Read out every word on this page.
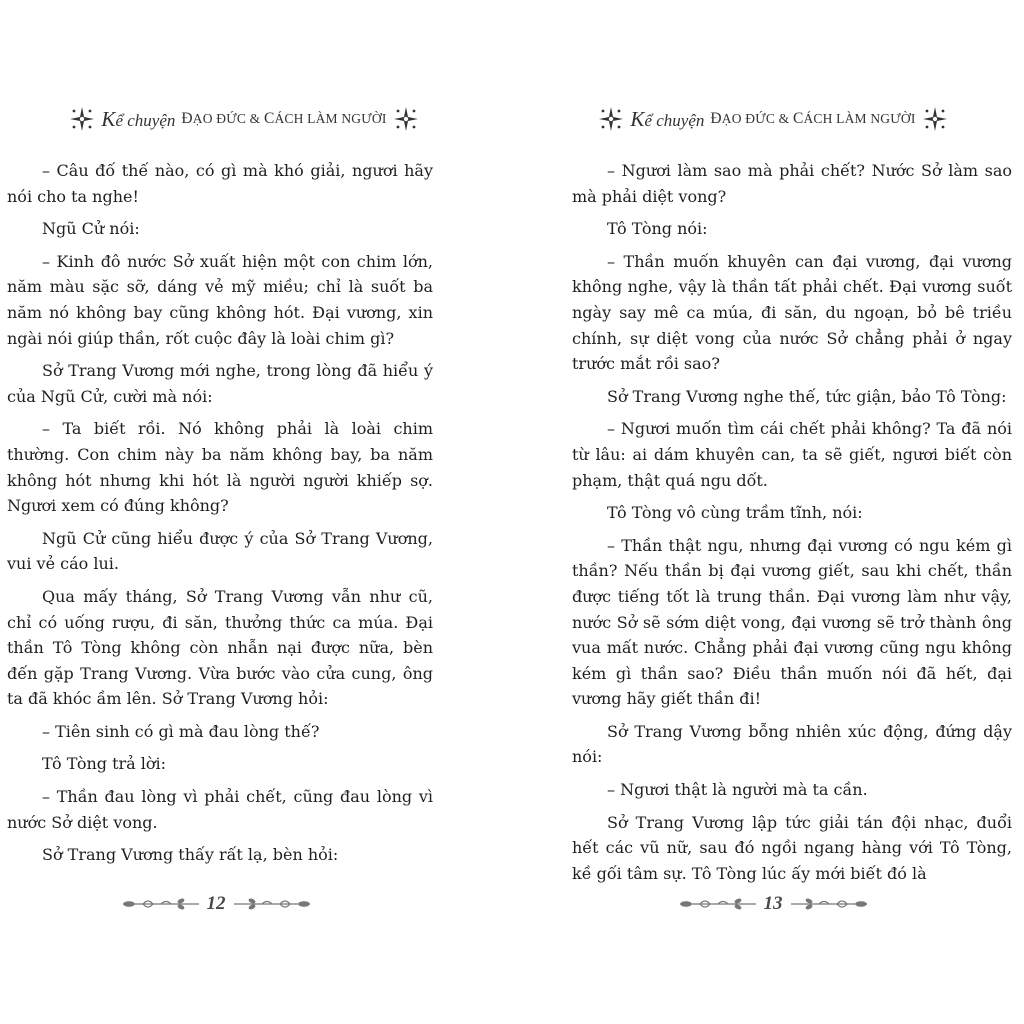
Kể chuyện ĐẠO ĐỨC & CÁCH LÀM NGƯỜI

– Câu đố thế nào, có gì mà khó giải, ngươi hãy nói cho ta nghe!

Ngũ Cử nói:

– Kinh đô nước Sở xuất hiện một con chim lớn, năm màu sặc sỡ, dáng vẻ mỹ miều; chỉ là suốt ba năm nó không bay cũng không hót. Đại vương, xin ngài nói giúp thần, rốt cuộc đây là loài chim gì?

Sở Trang Vương mới nghe, trong lòng đã hiểu ý của Ngũ Cử, cười mà nói:

– Ta biết rồi. Nó không phải là loài chim thường. Con chim này ba năm không bay, ba năm không hót nhưng khi hót là người người khiếp sợ. Ngươi xem có đúng không?

Ngũ Cử cũng hiểu được ý của Sở Trang Vương, vui vẻ cáo lui.

Qua mấy tháng, Sở Trang Vương vẫn như cũ, chỉ có uống rượu, đi săn, thưởng thức ca múa. Đại thần Tô Tòng không còn nhẫn nại được nữa, bèn đến gặp Trang Vương. Vừa bước vào cửa cung, ông ta đã khóc ầm lên. Sở Trang Vương hỏi:

– Tiên sinh có gì mà đau lòng thế?

Tô Tòng trả lời:

– Thần đau lòng vì phải chết, cũng đau lòng vì nước Sở diệt vong.

Sở Trang Vương thấy rất lạ, bèn hỏi:

12
Kể chuyện ĐẠO ĐỨC & CÁCH LÀM NGƯỜI

– Ngươi làm sao mà phải chết? Nước Sở làm sao mà phải diệt vong?

Tô Tòng nói:

– Thần muốn khuyên can đại vương, đại vương không nghe, vậy là thần tất phải chết. Đại vương suốt ngày say mê ca múa, đi săn, du ngoạn, bỏ bê triều chính, sự diệt vong của nước Sở chẳng phải ở ngay trước mắt rồi sao?

Sở Trang Vương nghe thế, tức giận, bảo Tô Tòng:

– Ngươi muốn tìm cái chết phải không? Ta đã nói từ lâu: ai dám khuyên can, ta sẽ giết, ngươi biết còn phạm, thật quá ngu dốt.

Tô Tòng vô cùng trầm tĩnh, nói:

– Thần thật ngu, nhưng đại vương có ngu kém gì thần? Nếu thần bị đại vương giết, sau khi chết, thần được tiếng tốt là trung thần. Đại vương làm như vậy, nước Sở sẽ sớm diệt vong, đại vương sẽ trở thành ông vua mất nước. Chẳng phải đại vương cũng ngu không kém gì thần sao? Điều thần muốn nói đã hết, đại vương hãy giết thần đi!

Sở Trang Vương bỗng nhiên xúc động, đứng dậy nói:

– Ngươi thật là người mà ta cần.

Sở Trang Vương lập tức giải tán đội nhạc, đuổi hết các vũ nữ, sau đó ngồi ngang hàng với Tô Tòng, kề gối tâm sự. Tô Tòng lúc ấy mới biết đó là

13
